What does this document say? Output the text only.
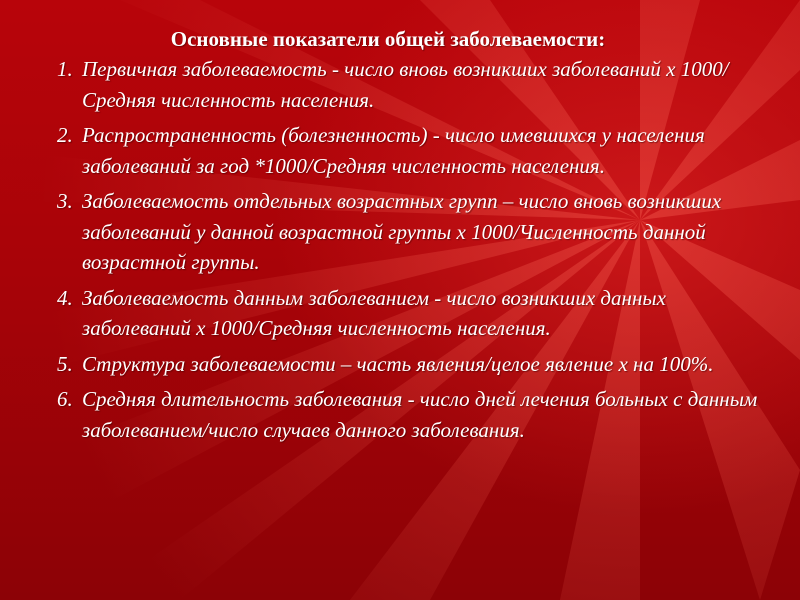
Основные показатели общей заболеваемости:
1. Первичная заболеваемость - число вновь возникших заболеваний х 1000/Средняя численность населения.
2. Распространенность (болезненность) - число имевшихся у населения заболеваний за год *1000/Средняя численность населения.
3. Заболеваемость отдельных возрастных групп – число вновь возникших заболеваний у данной возрастной группы х 1000/Численность данной возрастной группы.
4. Заболеваемость данным заболеванием - число возникших данных заболеваний х 1000/Средняя численность населения.
5. Структура заболеваемости – часть явления/целое явление х на 100%.
6. Средняя длительность заболевания - число дней лечения больных с данным заболеванием/число случаев данного заболевания.
